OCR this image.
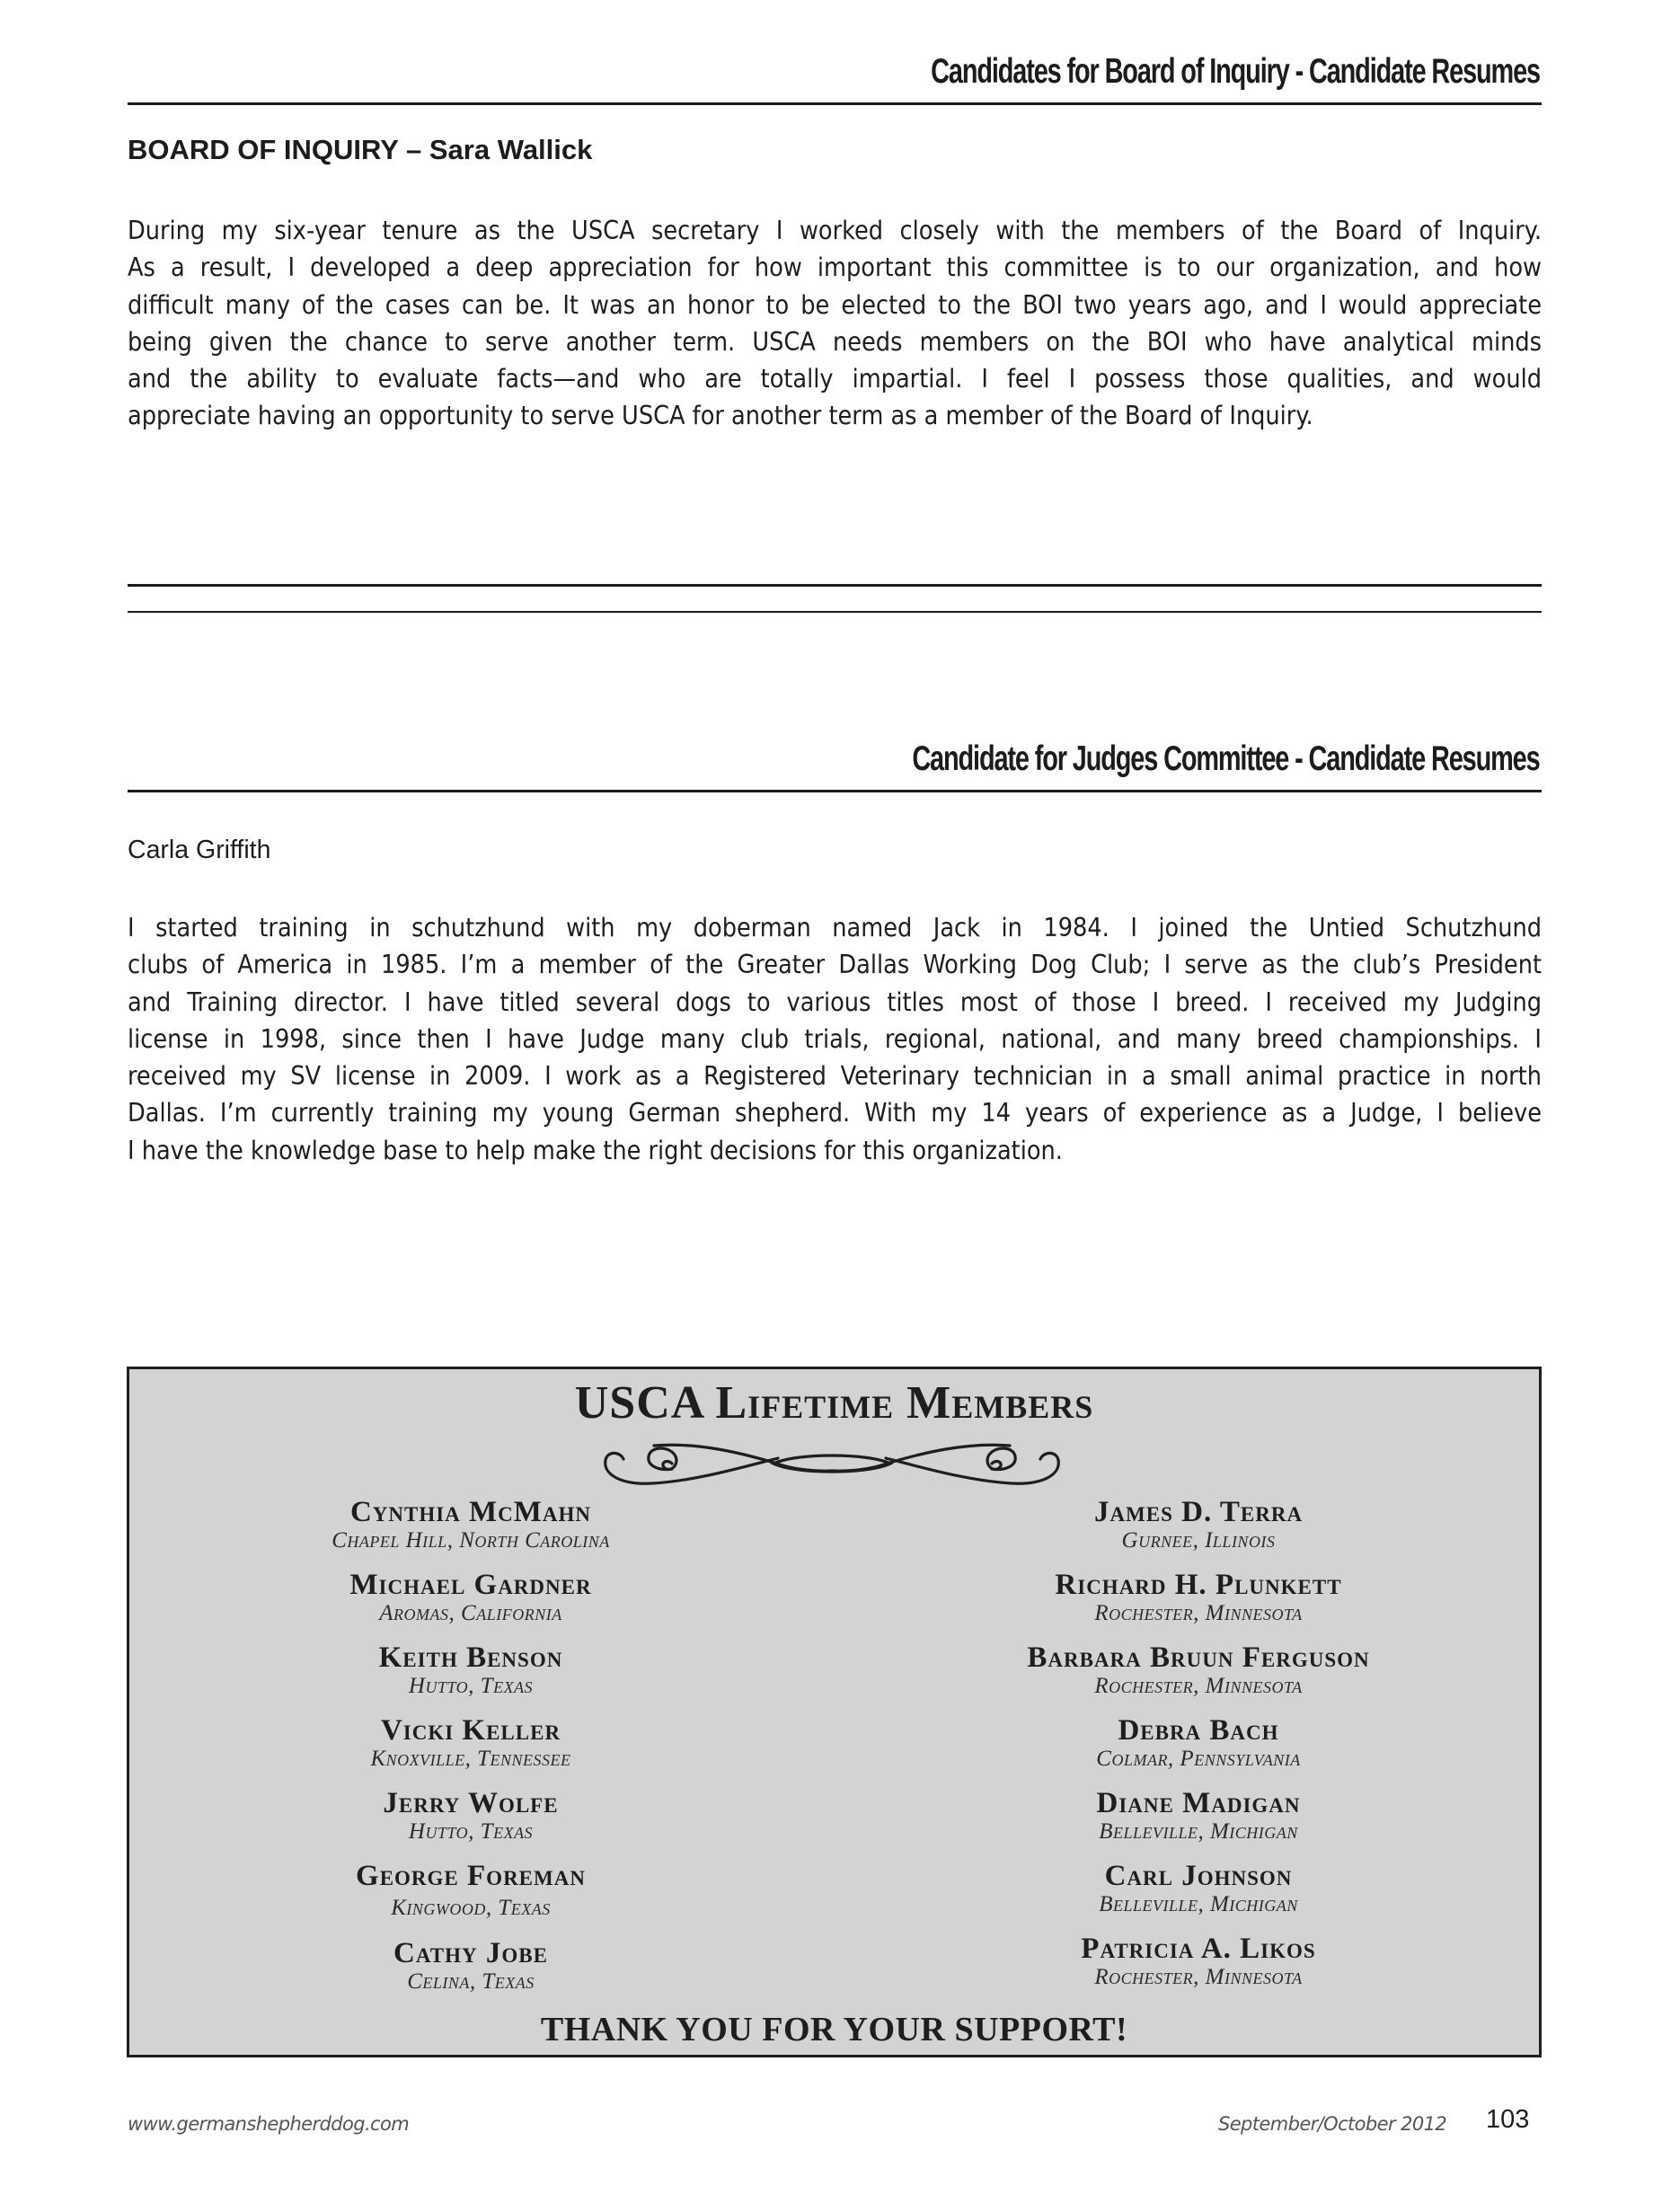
Candidates for Board of Inquiry - Candidate Resumes
BOARD OF INQUIRY – Sara Wallick
During my six-year tenure as the USCA secretary I worked closely with the members of the Board of Inquiry.
As a result, I developed a deep appreciation for how important this committee is to our organization, and how
difficult many of the cases can be. It was an honor to be elected to the BOI two years ago, and I would appreciate
being given the chance to serve another term. USCA needs members on the BOI who have analytical minds
and the ability to evaluate facts—and who are totally impartial. I feel I possess those qualities, and would
appreciate having an opportunity to serve USCA for another term as a member of the Board of Inquiry.
Candidate for Judges Committee - Candidate Resumes
Carla Griffith
I started training in schutzhund with my doberman named Jack in 1984. I joined the Untied Schutzhund
clubs of America in 1985. I’m a member of the Greater Dallas Working Dog Club; I serve as the club’s President
and Training director. I have titled several dogs to various titles most of those I breed. I received my Judging
license in 1998, since then I have Judge many club trials, regional, national, and many breed championships. I
received my SV license in 2009. I work as a Registered Veterinary technician in a small animal practice in north
Dallas. I’m currently training my young German shepherd. With my 14 years of experience as a Judge, I believe
I have the knowledge base to help make the right decisions for this organization.
USCA Lifetime Members
Cynthia McMahn
Chapel Hill, North Carolina
Michael Gardner
Aromas, California
Keith Benson
Hutto, Texas
Vicki Keller
Knoxville, Tennessee
Jerry Wolfe
Hutto, Texas
George Foreman
Kingwood, Texas
Cathy Jobe
Celina, Texas
James D. Terra
Gurnee, Illinois
Richard H. Plunkett
Rochester, Minnesota
Barbara Bruun Ferguson
Rochester, Minnesota
Debra Bach
Colmar, Pennsylvania
Diane Madigan
Belleville, Michigan
Carl Johnson
Belleville, Michigan
Patricia A. Likos
Rochester, Minnesota
THANK YOU FOR YOUR SUPPORT!
www.germanshepherddog.com	September/October 2012 103
